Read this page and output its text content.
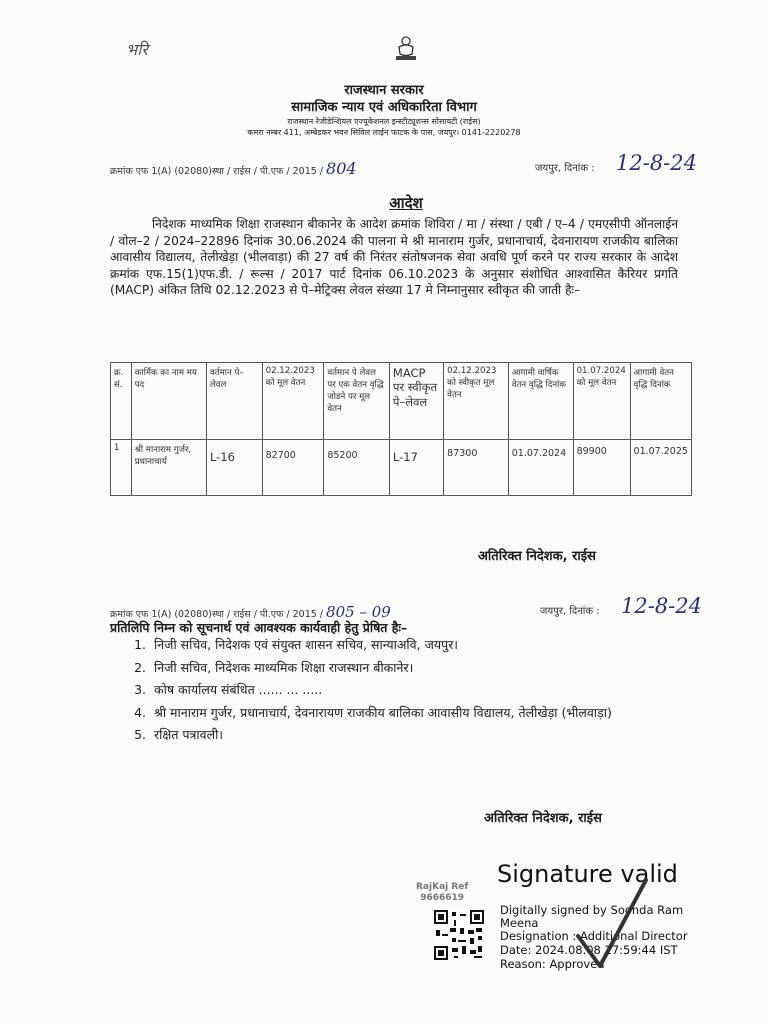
भरि
राजस्थान सरकार
सामाजिक न्याय एवं अधिकारिता विभाग
राजस्थान रेजीडेन्शियल एज्यूकेशनल इन्स्टीट्यूशन्स सोसायटी (राईस)
कमरा नम्बर 411, अम्बेडकर भवन सिविल लाईन फाटक के पास, जयपुर। 0141-2220278
क्रमांक एफ 1(A) (02080)स्था / राईस / पी.एफ / 2015 / 804	जयपुर, दिनांक : 12-8-24
आदेश
निदेशक माध्यमिक शिक्षा राजस्थान बीकानेर के आदेश क्रमांक शिविरा / मा / संस्था / एबी / ए–4 / एमएसीपी ऑनलाईन / वोल–2 / 2024–22896 दिनांक 30.06.2024 की पालना मे श्री मानाराम गुर्जर, प्रधानाचार्य, देवनारायण राजकीय बालिका आवासीय विद्यालय, तेलीखेड़ा (भीलवाड़ा) की 27 वर्ष की निरंतर संतोषजनक सेवा अवधि पूर्ण करने पर राज्य सरकार के आदेश क्रमांक एफ.15(1)एफ.डी. / रूल्स / 2017 पार्ट दिनांक 06.10.2023 के अनुसार संशोधित आश्वासित कैरियर प्रगति (MACP) अंकित तिथि 02.12.2023 से पे–मेट्रिक्स लेवल संख्या 17 मे निम्नानुसार स्वीकृत की जाती हैः–
क्र. सं.	कार्मिक का नाम मय पद	वर्तमान पे–लेवल	02.12.2023 को मूल वेतन	वर्तमान पे लेवल पर एक वेतन वृद्धि जोडने पर मूल वेतन	MACP पर स्वीकृत पे–लेवल	02.12.2023 को स्वीकृत मूल वेतन	आगामी वार्षिक वेतन वृद्धि दिनांक	01.07.2024 को मूल वेतन	आगामी वेतन वृद्धि दिनांक
1	श्री मानाराम गुर्जर, प्रधानाचार्य	L-16	82700	85200	L-17	87300	01.07.2024	89900	01.07.2025
अतिरिक्त निदेशक, राईस
क्रमांक एफ 1(A) (02080)स्था / राईस / पी.एफ / 2015 / 805 – 09	जयपुर, दिनांक : 12-8-24
प्रतिलिपि निम्न को सूचनार्थ एवं आवश्यक कार्यवाही हेतु प्रेषित हैः–
1. निजी सचिव, निदेशक एवं संयुक्त शासन सचिव, सान्याअवि, जयपुर।
2. निजी सचिव, निदेशक माध्यमिक शिक्षा राजस्थान बीकानेर।
3. कोष कार्यालय संबंधित ...... ... .....
4. श्री मानाराम गुर्जर, प्रधानाचार्य, देवनारायण राजकीय बालिका आवासीय विद्यालय, तेलीखेड़ा (भीलवाड़ा)
5. रक्षित पत्रावली।
अतिरिक्त निदेशक, राईस
RajKaj Ref
9666619
Signature valid
Digitally signed by Soonda Ram
Meena
Designation : Additional Director
Date: 2024.08.08 17:59:44 IST
Reason: Approved
